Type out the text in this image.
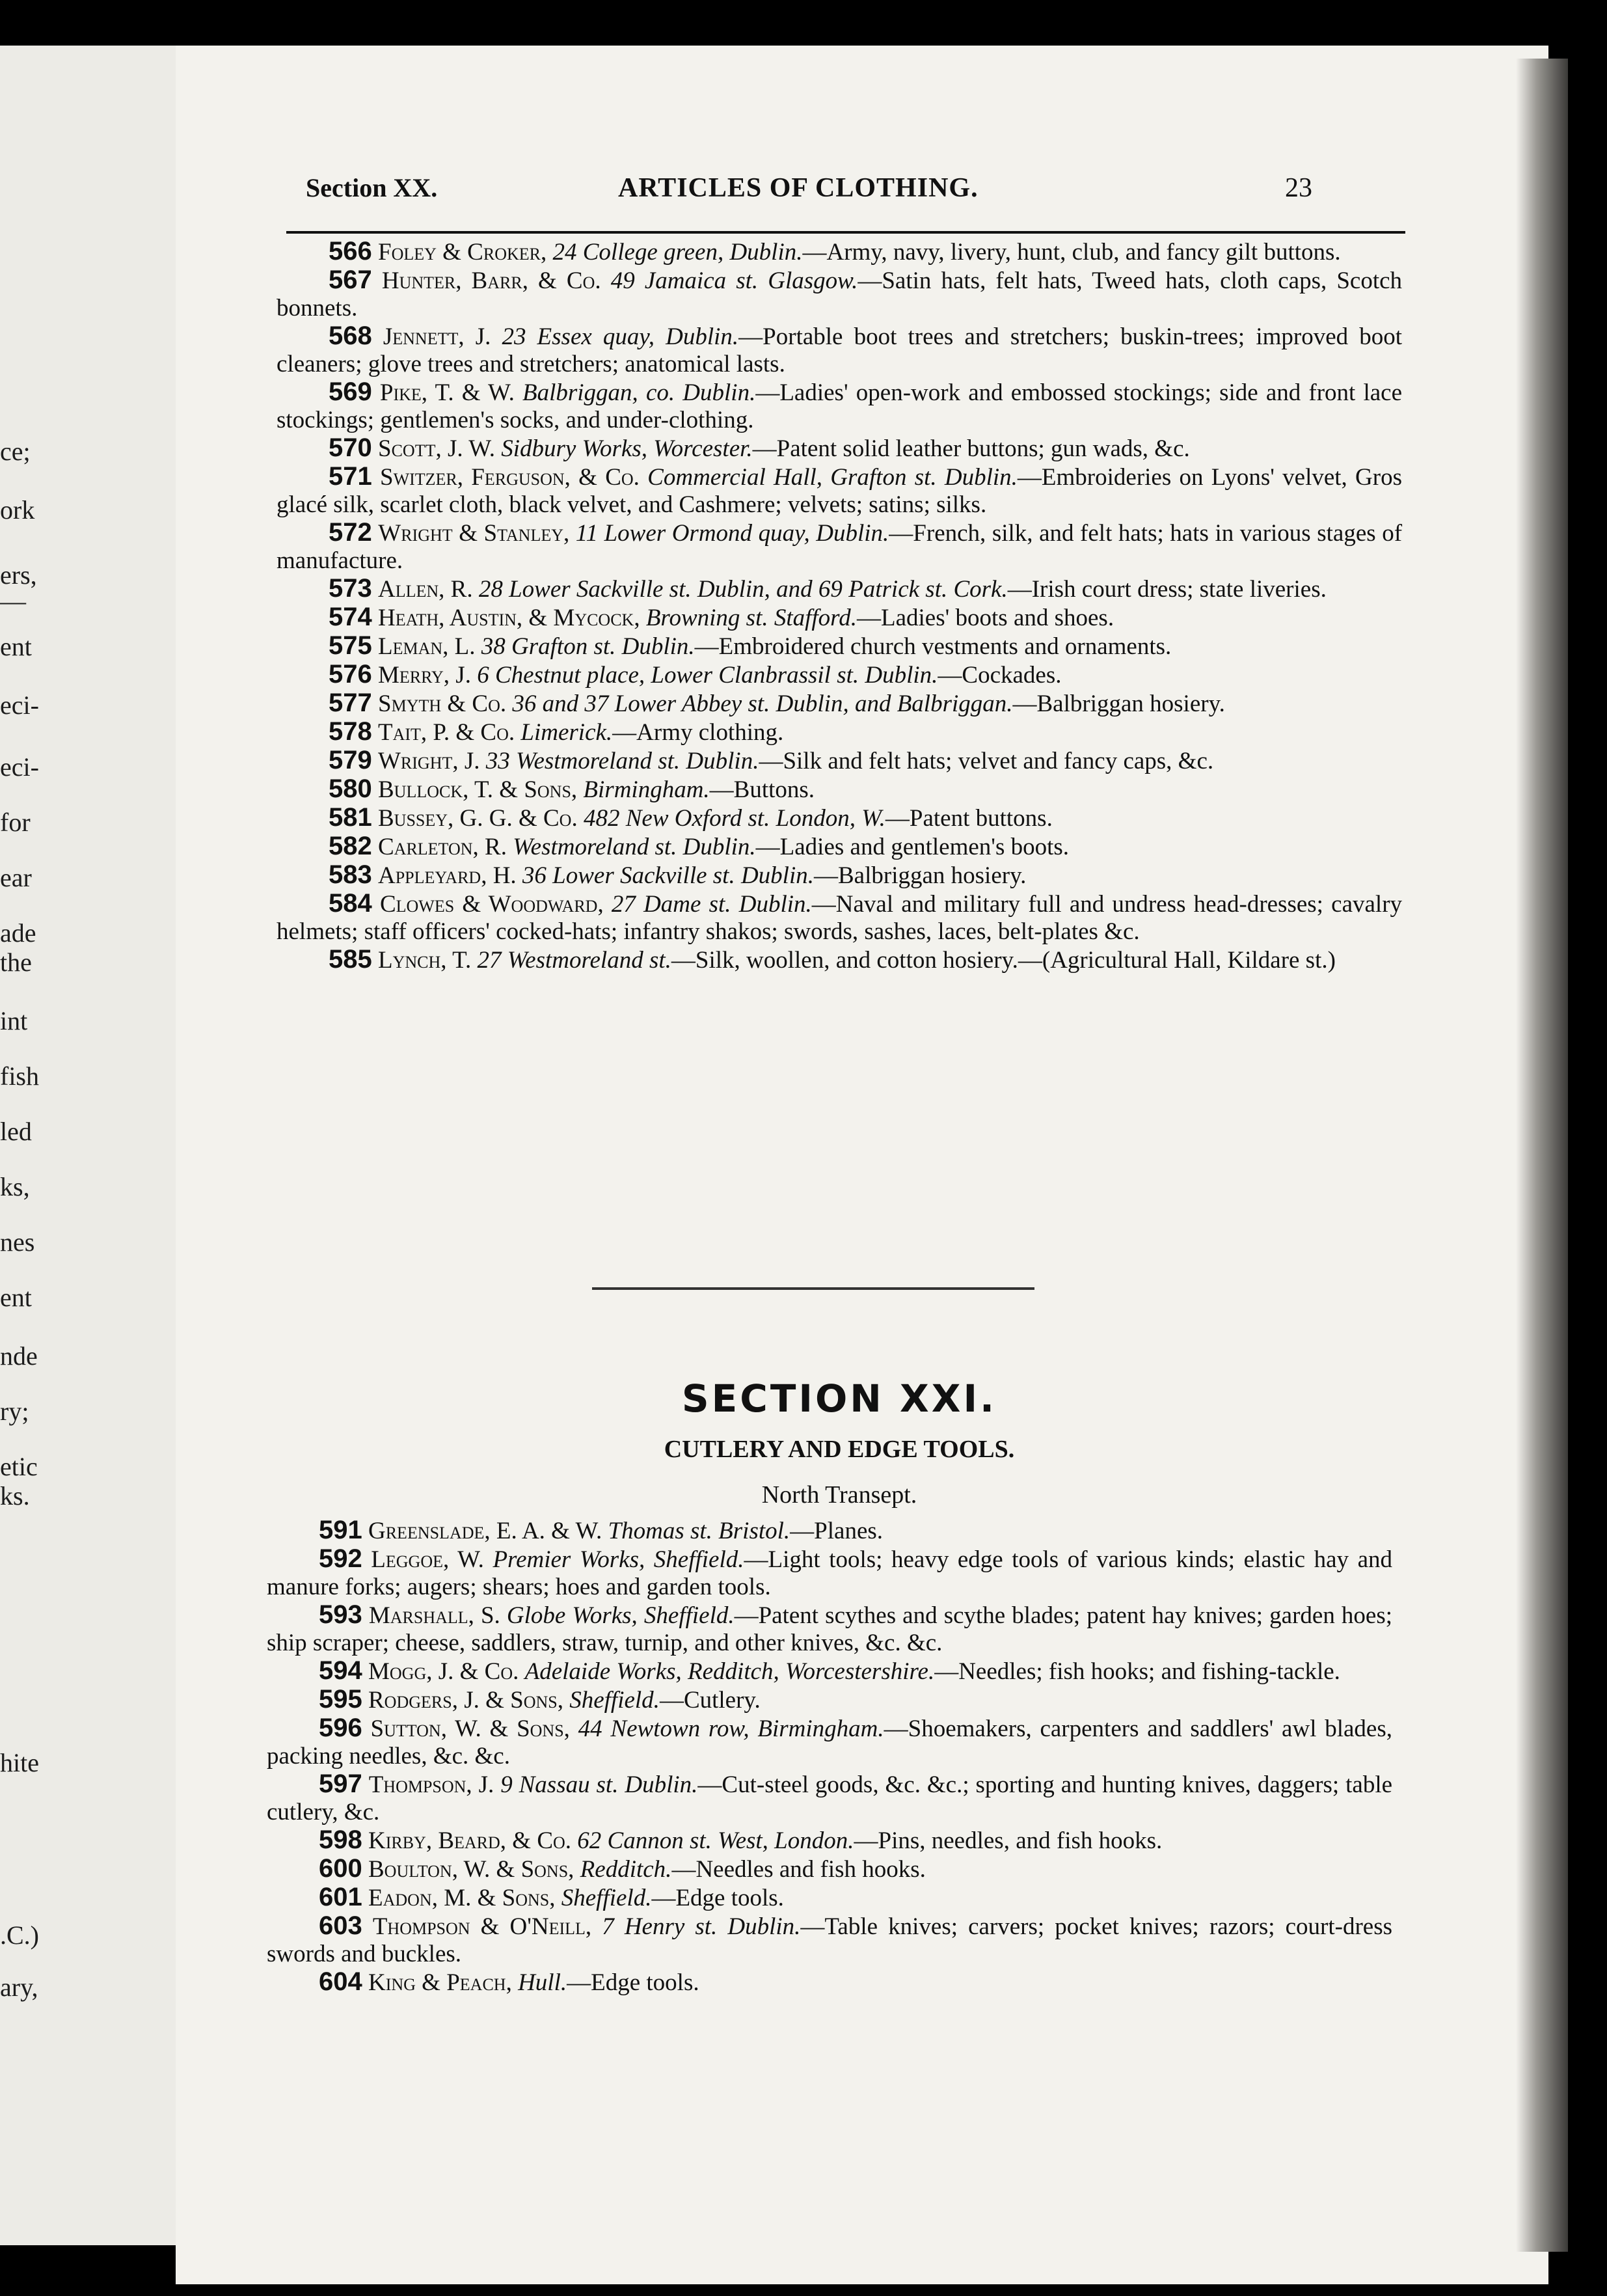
ce;
ork
ers,
—
ent
eci-
eci-
for
ear
ade
the
int
fish
led
ks,
nes
ent
nde
ry;
etic
ks.
hite
.C.)
ary,
Section XX.	ARTICLES OF CLOTHING.	23

566 Foley & Croker, 24 College green, Dublin.—Army, navy, livery, hunt, club, and fancy gilt buttons.

567 Hunter, Barr, & Co. 49 Jamaica st. Glasgow.—Satin hats, felt hats, Tweed hats, cloth caps, Scotch bonnets.

568 Jennett, J. 23 Essex quay, Dublin.—Portable boot trees and stretchers; buskin-trees; improved boot cleaners; glove trees and stretchers; anatomical lasts.

569 Pike, T. & W. Balbriggan, co. Dublin.—Ladies' open-work and embossed stockings; side and front lace stockings; gentlemen's socks, and under-clothing.

570 Scott, J. W. Sidbury Works, Worcester.—Patent solid leather buttons; gun wads, &c.

571 Switzer, Ferguson, & Co. Commercial Hall, Grafton st. Dublin.—Embroideries on Lyons' velvet, Gros glacé silk, scarlet cloth, black velvet, and Cashmere; velvets; satins; silks.

572 Wright & Stanley, 11 Lower Ormond quay, Dublin.—French, silk, and felt hats; hats in various stages of manufacture.

573 Allen, R. 28 Lower Sackville st. Dublin, and 69 Patrick st. Cork.—Irish court dress; state liveries.

574 Heath, Austin, & Mycock, Browning st. Stafford.—Ladies' boots and shoes.

575 Leman, L. 38 Grafton st. Dublin.—Embroidered church vestments and ornaments.

576 Merry, J. 6 Chestnut place, Lower Clanbrassil st. Dublin.—Cockades.

577 Smyth & Co. 36 and 37 Lower Abbey st. Dublin, and Balbriggan.—Balbriggan hosiery.

578 Tait, P. & Co. Limerick.—Army clothing.

579 Wright, J. 33 Westmoreland st. Dublin.—Silk and felt hats; velvet and fancy caps, &c.

580 Bullock, T. & Sons, Birmingham.—Buttons.

581 Bussey, G. G. & Co. 482 New Oxford st. London, W.—Patent buttons.

582 Carleton, R. Westmoreland st. Dublin.—Ladies and gentlemen's boots.

583 Appleyard, H. 36 Lower Sackville st. Dublin.—Balbriggan hosiery.

584 Clowes & Woodward, 27 Dame st. Dublin.—Naval and military full and undress head-dresses; cavalry helmets; staff officers' cocked-hats; infantry shakos; swords, sashes, laces, belt-plates &c.

585 Lynch, T. 27 Westmoreland st.—Silk, woollen, and cotton hosiery.—(Agricultural Hall, Kildare st.)

SECTION XXI.
CUTLERY AND EDGE TOOLS.
North Transept.

591 Greenslade, E. A. & W. Thomas st. Bristol.—Planes.

592 Leggoe, W. Premier Works, Sheffield.—Light tools; heavy edge tools of various kinds; elastic hay and manure forks; augers; shears; hoes and garden tools.

593 Marshall, S. Globe Works, Sheffield.—Patent scythes and scythe blades; patent hay knives; garden hoes; ship scraper; cheese, saddlers, straw, turnip, and other knives, &c. &c.

594 Mogg, J. & Co. Adelaide Works, Redditch, Worcestershire.—Needles; fish hooks; and fishing-tackle.

595 Rodgers, J. & Sons, Sheffield.—Cutlery.

596 Sutton, W. & Sons, 44 Newtown row, Birmingham.—Shoemakers, carpenters and saddlers' awl blades, packing needles, &c. &c.

597 Thompson, J. 9 Nassau st. Dublin.—Cut-steel goods, &c. &c.; sporting and hunting knives, daggers; table cutlery, &c.

598 Kirby, Beard, & Co. 62 Cannon st. West, London.—Pins, needles, and fish hooks.

600 Boulton, W. & Sons, Redditch.—Needles and fish hooks.

601 Eadon, M. & Sons, Sheffield.—Edge tools.

603 Thompson & O'Neill, 7 Henry st. Dublin.—Table knives; carvers; pocket knives; razors; court-dress swords and buckles.

604 King & Peach, Hull.—Edge tools.
